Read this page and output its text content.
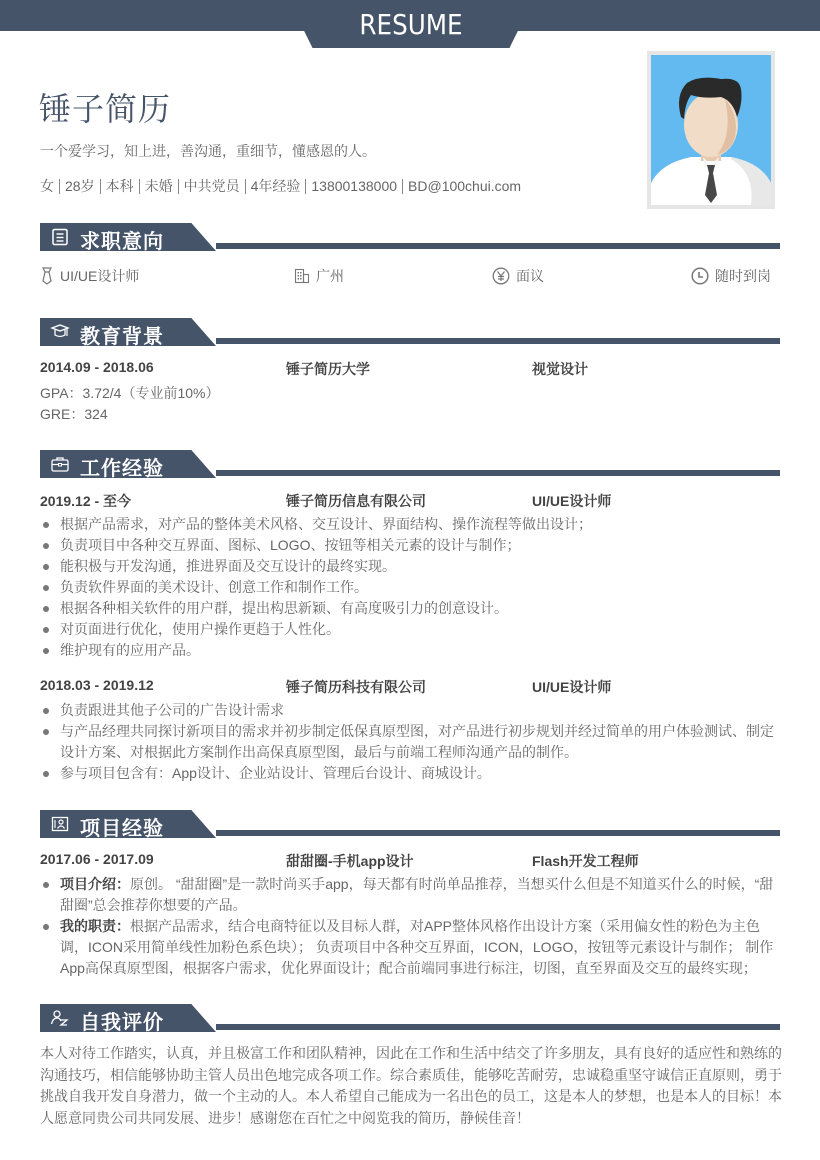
RESUME
锤子简历
一个爱学习，知上进，善沟通，重细节，懂感恩的人。
女 28岁 本科 未婚 中共党员 4年经验 13800138000 BD@100chui.com
求职意向
UI/UE设计师	广州	面议	随时到岗
教育背景
2014.09 - 2018.06	锤子简历大学	视觉设计
GPA：3.72/4（专业前10%）
GRE：324
工作经验
2019.12 - 至今	锤子简历信息有限公司	UI/UE设计师
根据产品需求，对产品的整体美术风格、交互设计、界面结构、操作流程等做出设计；
负责项目中各种交互界面、图标、LOGO、按钮等相关元素的设计与制作；
能积极与开发沟通，推进界面及交互设计的最终实现。
负责软件界面的美术设计、创意工作和制作工作。
根据各种相关软件的用户群，提出构思新颖、有高度吸引力的创意设计。
对页面进行优化，使用户操作更趋于人性化。
维护现有的应用产品。
2018.03 - 2019.12	锤子简历科技有限公司	UI/UE设计师
负责跟进其他子公司的广告设计需求
与产品经理共同探讨新项目的需求并初步制定低保真原型图，对产品进行初步规划并经过简单的用户体验测试、制定设计方案、对根据此方案制作出高保真原型图，最后与前端工程师沟通产品的制作。
参与项目包含有：App设计、企业站设计、管理后台设计、商城设计。
项目经验
2017.06 - 2017.09	甜甜圈-手机app设计	Flash开发工程师
项目介绍：原创。 “甜甜圈”是一款时尚买手app，每天都有时尚单品推荐，当想买什么但是不知道买什么的时候，“甜甜圈”总会推荐你想要的产品。
我的职责：根据产品需求，结合电商特征以及目标人群，对APP整体风格作出设计方案（采用偏女性的粉色为主色调，ICON采用简单线性加粉色系色块）； 负责项目中各种交互界面，ICON，LOGO，按钮等元素设计与制作； 制作App高保真原型图，根据客户需求，优化界面设计；配合前端同事进行标注，切图，直至界面及交互的最终实现；
自我评价
本人对待工作踏实，认真，并且极富工作和团队精神，因此在工作和生活中结交了许多朋友，具有良好的适应性和熟练的沟通技巧，相信能够协助主管人员出色地完成各项工作。综合素质佳，能够吃苦耐劳，忠诚稳重坚守诚信正直原则，勇于挑战自我开发自身潜力，做一个主动的人。本人希望自己能成为一名出色的员工，这是本人的梦想，也是本人的目标！本人愿意同贵公司共同发展、进步！感谢您在百忙之中阅览我的简历，静候佳音！
